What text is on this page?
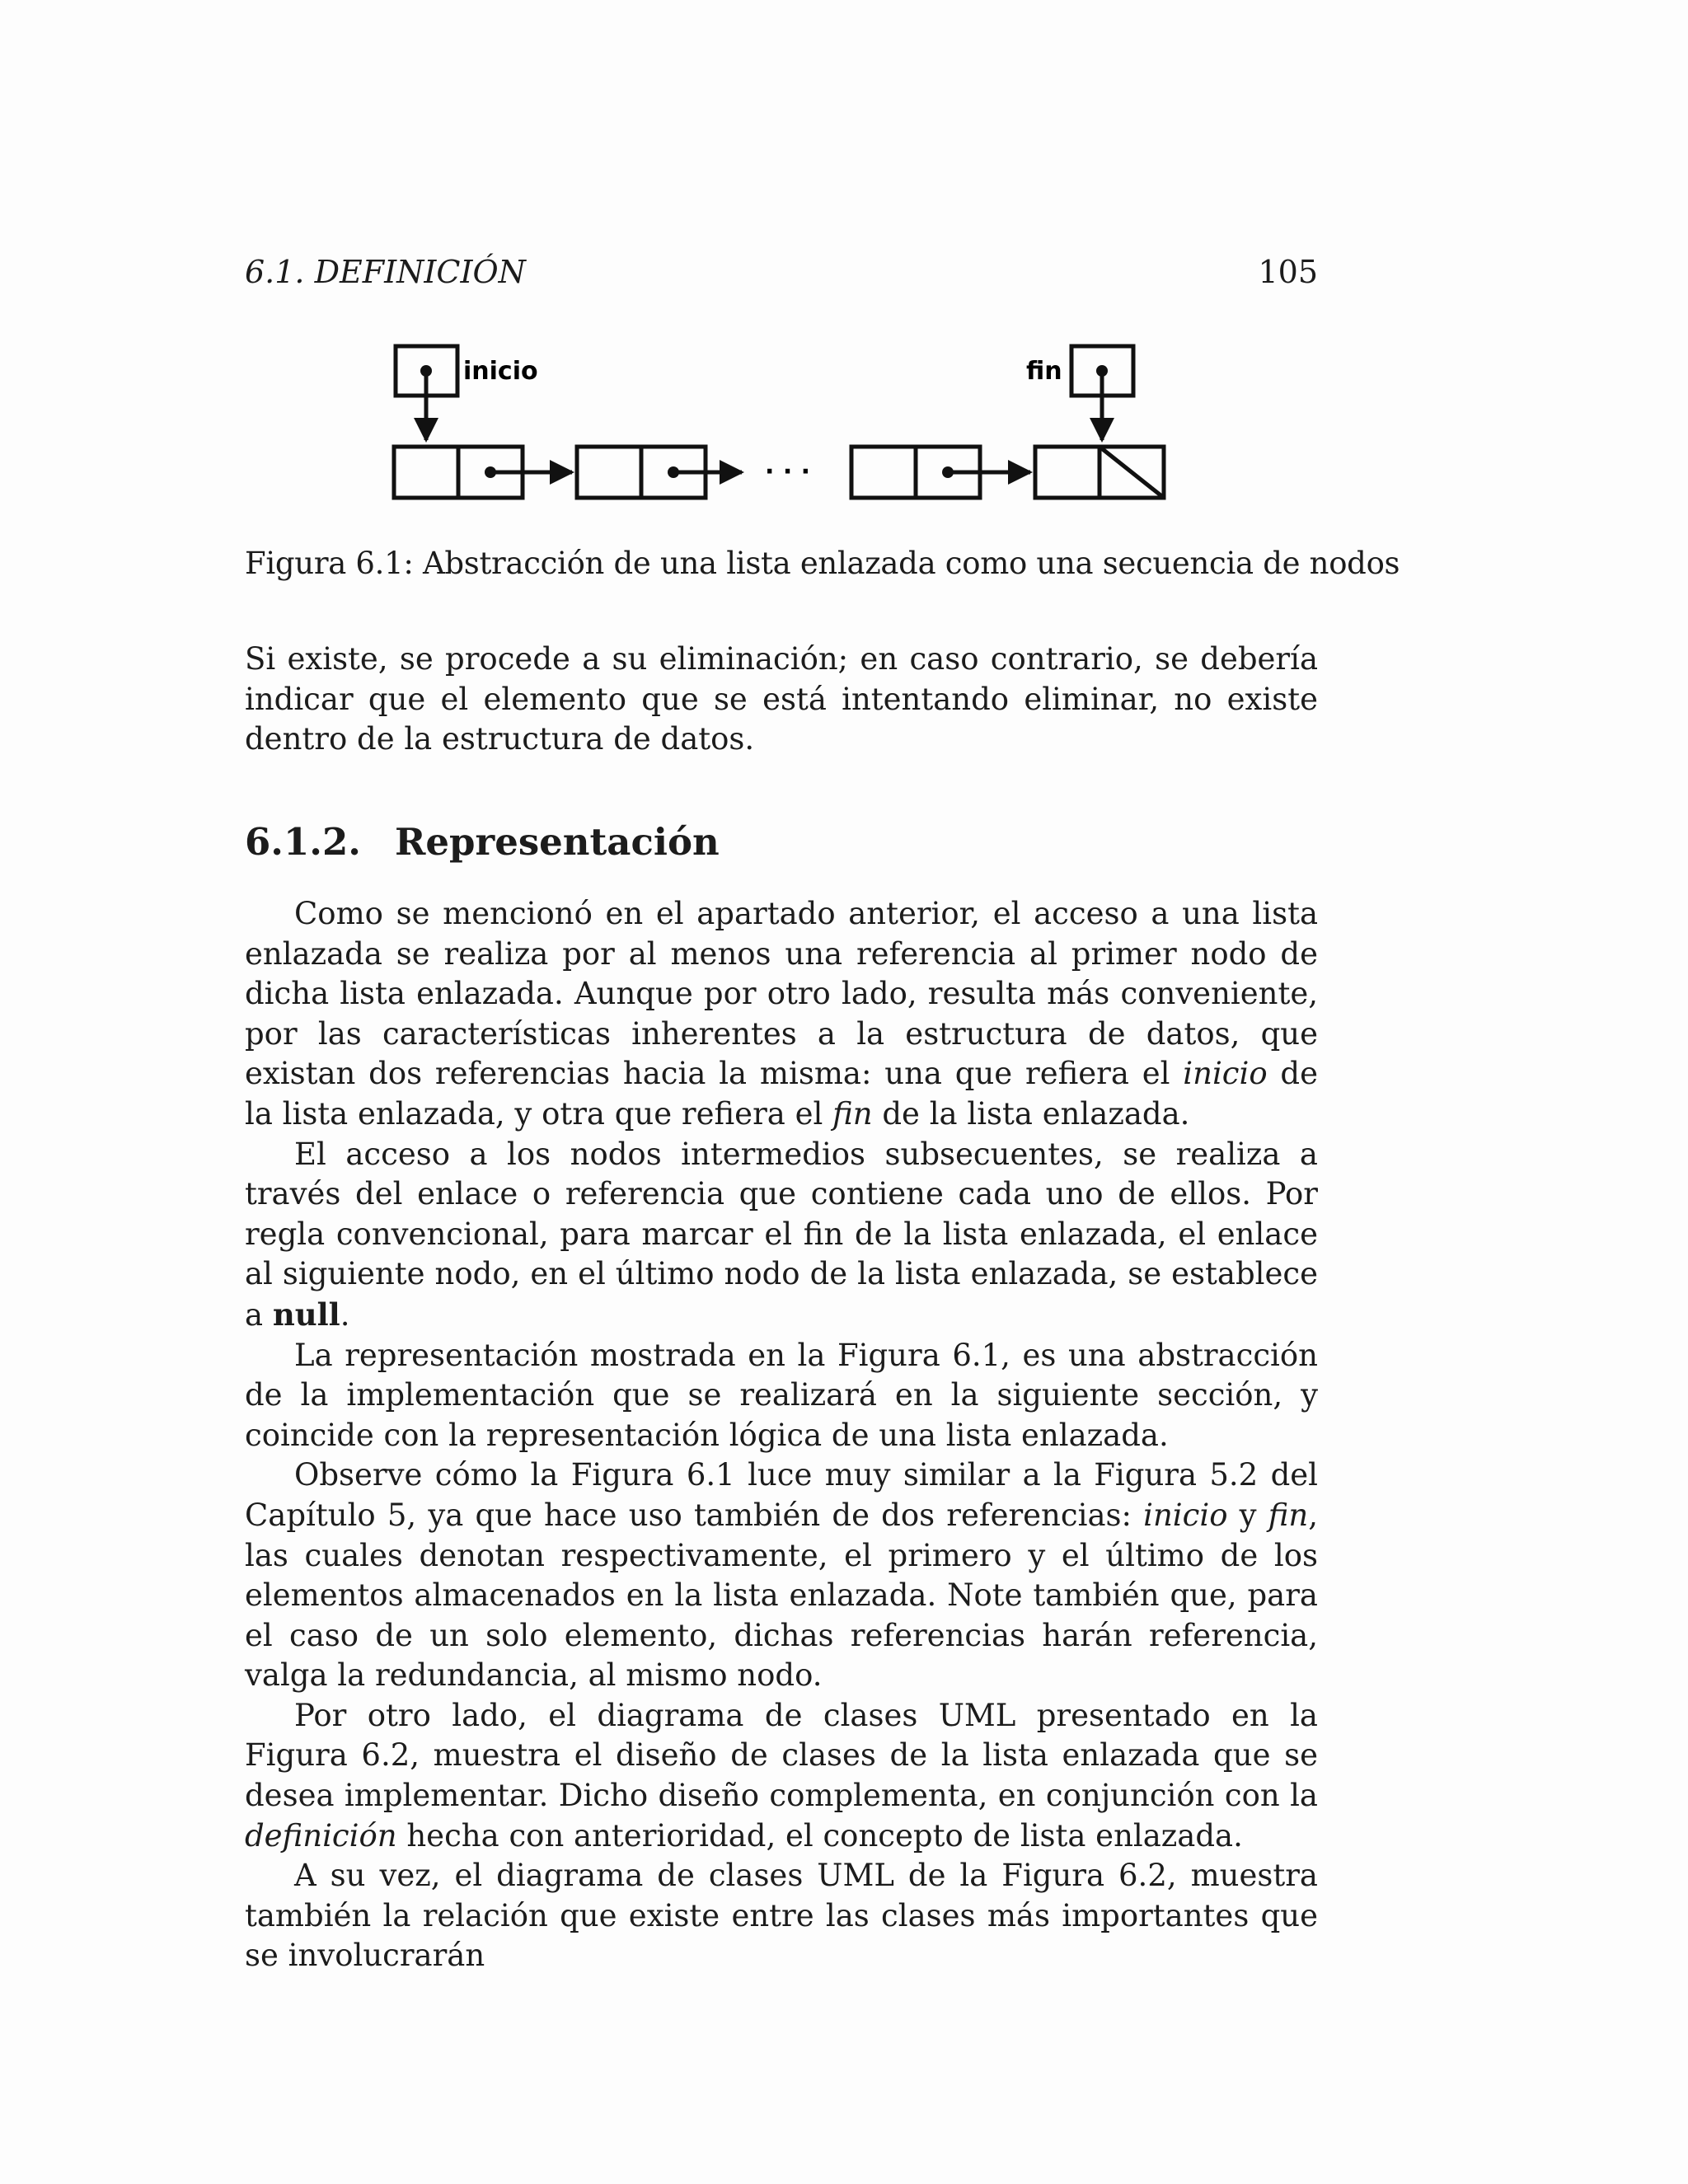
6.1. DEFINICIÓN	105
inicio	fin
· · ·
Figura 6.1: Abstracción de una lista enlazada como una secuencia de nodos

Si existe, se procede a su eliminación; en caso contrario, se debería indicar que el elemento que se está intentando eliminar, no existe dentro de la estructura de datos.

6.1.2. Representación

Como se mencionó en el apartado anterior, el acceso a una lista enlazada se realiza por al menos una referencia al primer nodo de dicha lista enlazada. Aunque por otro lado, resulta más conveniente, por las características inherentes a la estructura de datos, que existan dos referencias hacia la misma: una que refiera el inicio de la lista enlazada, y otra que refiera el fin de la lista enlazada.

El acceso a los nodos intermedios subsecuentes, se realiza a través del enlace o referencia que contiene cada uno de ellos. Por regla convencional, para marcar el fin de la lista enlazada, el enlace al siguiente nodo, en el último nodo de la lista enlazada, se establece a null.

La representación mostrada en la Figura 6.1, es una abstracción de la implementación que se realizará en la siguiente sección, y coincide con la representación lógica de una lista enlazada.

Observe cómo la Figura 6.1 luce muy similar a la Figura 5.2 del Capítulo 5, ya que hace uso también de dos referencias: inicio y fin, las cuales denotan respectivamente, el primero y el último de los elementos almacenados en la lista enlazada. Note también que, para el caso de un solo elemento, dichas referencias harán referencia, valga la redundancia, al mismo nodo.

Por otro lado, el diagrama de clases UML presentado en la Figura 6.2, muestra el diseño de clases de la lista enlazada que se desea implementar. Dicho diseño complementa, en conjunción con la definición hecha con anterioridad, el concepto de lista enlazada.

A su vez, el diagrama de clases UML de la Figura 6.2, muestra también la relación que existe entre las clases más importantes que se involucrarán
